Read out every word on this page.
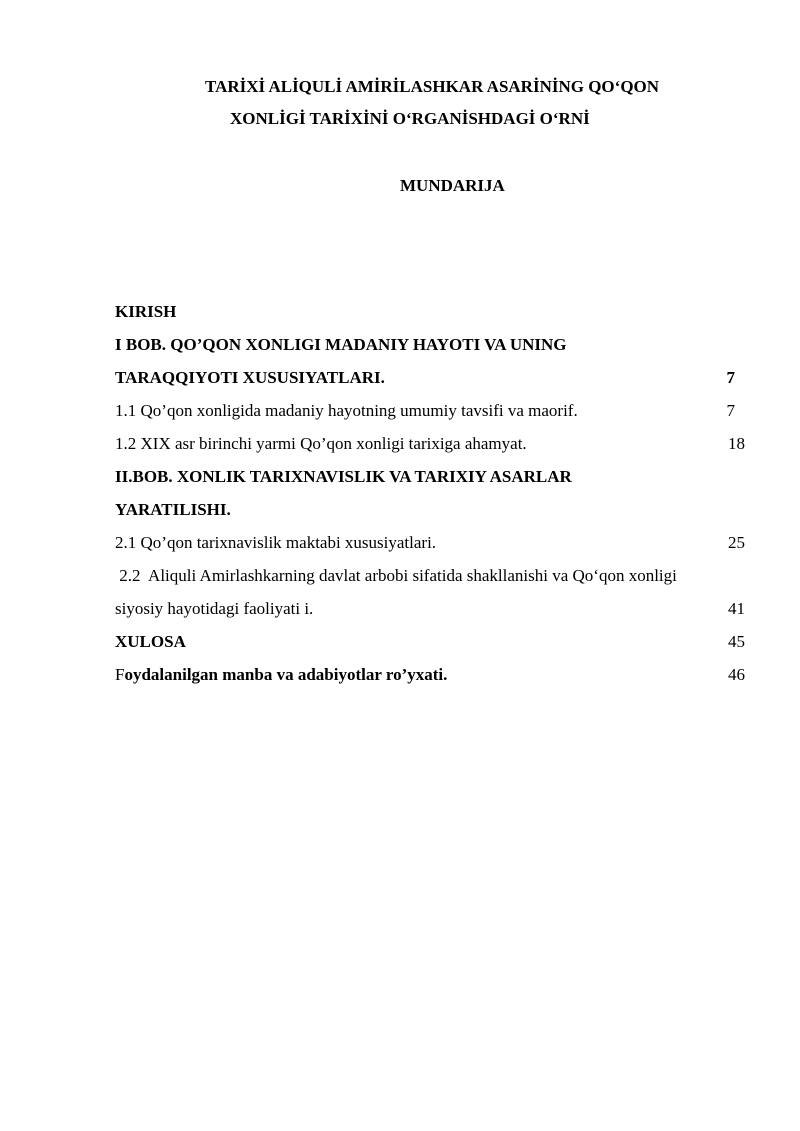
TARİXİ ALİQULİ AMİRİLASHKAR ASARİNİNG QO‘QON
XONLİGİ TARİXİNİ O‘RGANİSHDAGİ O‘RNİ
MUNDARIJA
KIRISH
I BOB. QO’QON XONLIGI MADANIY HAYOTI VA UNING
TARAQQIYOTI XUSUSIYATLARI.	7
1.1 Qo’qon xonligida madaniy hayotning umumiy tavsifi va maorif.	7
1.2 XIX asr birinchi yarmi Qo’qon xonligi tarixiga ahamyat.	18
II.BOB. XONLIK TARIXNAVISLIK VA TARIXIY ASARLAR
YARATILISHI.
2.1 Qo’qon tarixnavislik maktabi xususiyatlari.	25
2.2  Aliquli Amirlashkarning davlat arbobi sifatida shakllanishi va Qo‘qon xonligi
siyosiy hayotidagi faoliyati i.	41
XULOSA	45
Foydalanilgan manba va adabiyotlar ro’yxati.	46
